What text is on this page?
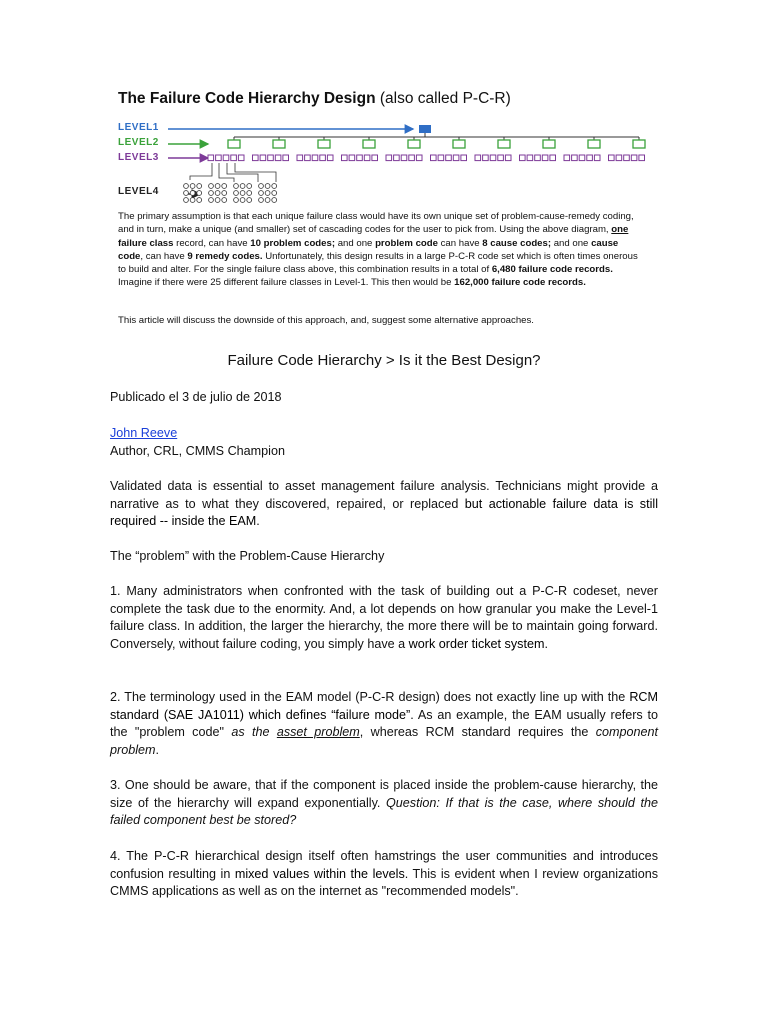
The Failure Code Hierarchy Design (also called P-C-R)
LEVEL1
LEVEL2
LEVEL3
LEVEL4

The primary assumption is that each unique failure class would have its own unique set of problem-cause-remedy coding, and in turn, make a unique (and smaller) set of cascading codes for the user to pick from. Using the above diagram, one failure class record, can have 10 problem codes; and one problem code can have 8 cause codes; and one cause code, can have 9 remedy codes. Unfortunately, this design results in a large P-C-R code set which is often times onerous to build and alter. For the single failure class above, this combination results in a total of 6,480 failure code records. Imagine if there were 25 different failure classes in Level-1. This then would be 162,000 failure code records.

This article will discuss the downside of this approach, and, suggest some alternative approaches.
Failure Code Hierarchy > Is it the Best Design?

Publicado el 3 de julio de 2018

John Reeve

Author, CRL, CMMS Champion

Validated data is essential to asset management failure analysis. Technicians might provide a narrative as to what they discovered, repaired, or replaced but actionable failure data is still required -- inside the EAM.

The “problem” with the Problem-Cause Hierarchy

1. Many administrators when confronted with the task of building out a P-C-R codeset, never complete the task due to the enormity. And, a lot depends on how granular you make the Level-1 failure class. In addition, the larger the hierarchy, the more there will be to maintain going forward. Conversely, without failure coding, you simply have a work order ticket system.

2. The terminology used in the EAM model (P-C-R design) does not exactly line up with the RCM standard (SAE JA1011) which defines “failure mode”. As an example, the EAM usually refers to the "problem code" as the asset problem, whereas RCM standard requires the component problem.

3. One should be aware, that if the component is placed inside the problem-cause hierarchy, the size of the hierarchy will expand exponentially. Question: If that is the case, where should the failed component best be stored?

4. The P-C-R hierarchical design itself often hamstrings the user communities and introduces confusion resulting in mixed values within the levels. This is evident when I review organizations CMMS applications as well as on the internet as "recommended models".
